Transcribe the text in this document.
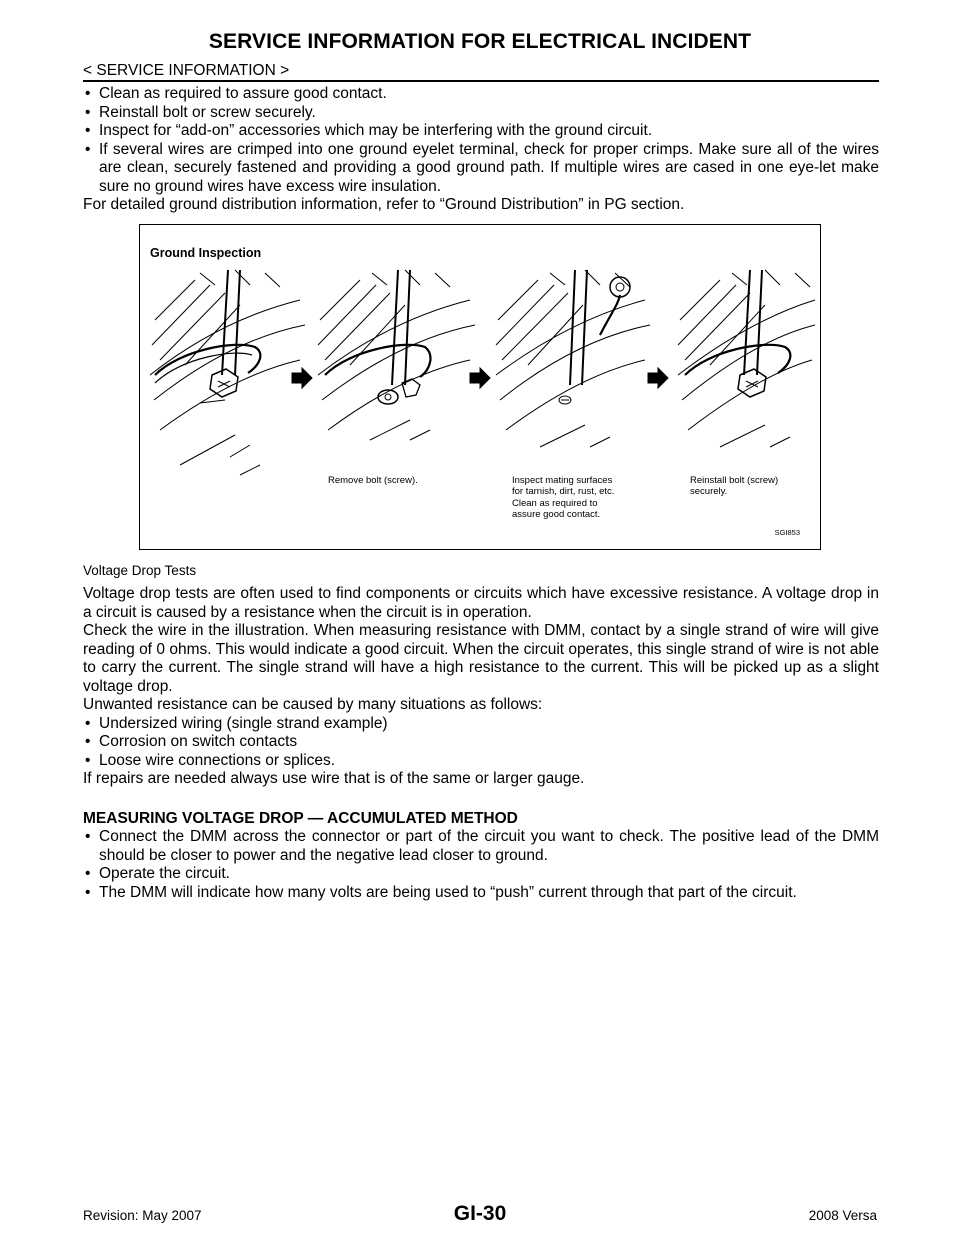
SERVICE INFORMATION FOR ELECTRICAL INCIDENT
< SERVICE INFORMATION >
• Clean as required to assure good contact.
• Reinstall bolt or screw securely.
• Inspect for “add-on” accessories which may be interfering with the ground circuit.
• If several wires are crimped into one ground eyelet terminal, check for proper crimps. Make sure all of the wires are clean, securely fastened and providing a good ground path. If multiple wires are cased in one eye-let make sure no ground wires have excess wire insulation.

For detailed ground distribution information, refer to “Ground Distribution” in PG section.

Ground Inspection
Remove bolt (screw).	Inspect mating surfaces
for tarnish, dirt, rust, etc.
Clean as required to
assure good contact.
Reinstall bolt (screw)
securely.
SGI853
Voltage Drop Tests

Voltage drop tests are often used to find components or circuits which have excessive resistance. A voltage drop in a circuit is caused by a resistance when the circuit is in operation.

Check the wire in the illustration. When measuring resistance with DMM, contact by a single strand of wire will give reading of 0 ohms. This would indicate a good circuit. When the circuit operates, this single strand of wire is not able to carry the current. The single strand will have a high resistance to the current. This will be picked up as a slight voltage drop.

Unwanted resistance can be caused by many situations as follows:

• Undersized wiring (single strand example)
• Corrosion on switch contacts
• Loose wire connections or splices.

If repairs are needed always use wire that is of the same or larger gauge.

MEASURING VOLTAGE DROP — ACCUMULATED METHOD
• Connect the DMM across the connector or part of the circuit you want to check. The positive lead of the DMM should be closer to power and the negative lead closer to ground.
• Operate the circuit.
• The DMM will indicate how many volts are being used to “push” current through that part of the circuit.
Revision: May 2007	GI-30	2008 Versa
